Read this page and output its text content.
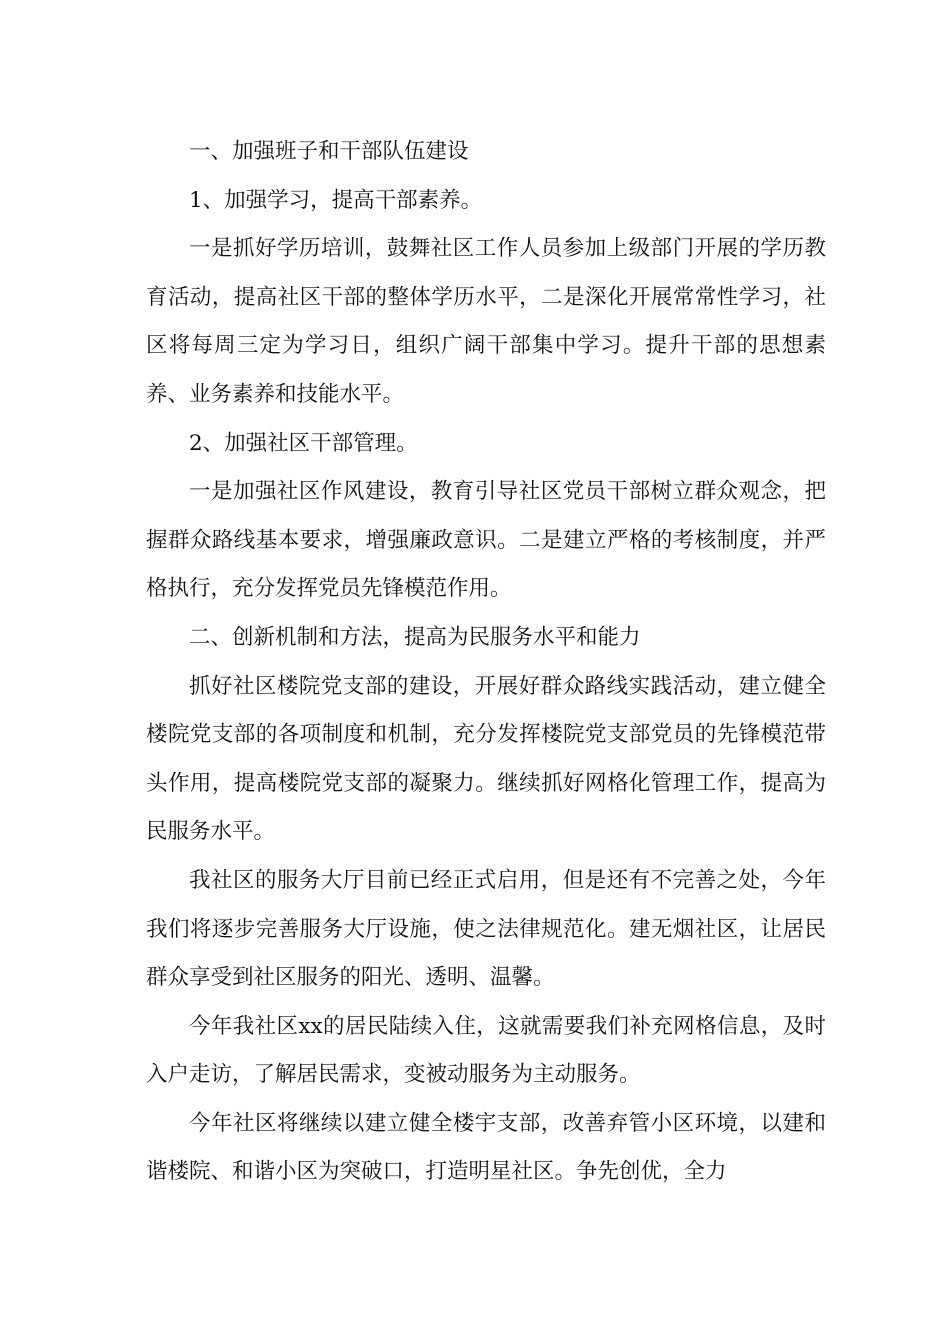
一、加强班子和干部队伍建设

1、加强学习，提高干部素养。

一是抓好学历培训，鼓舞社区工作人员参加上级部门开展的学历教育活动，提高社区干部的整体学历水平，二是深化开展常常性学习，社区将每周三定为学习日，组织广阔干部集中学习。提升干部的思想素养、业务素养和技能水平。

2、加强社区干部管理。

一是加强社区作风建设，教育引导社区党员干部树立群众观念，把握群众路线基本要求，增强廉政意识。二是建立严格的考核制度，并严格执行，充分发挥党员先锋模范作用。

二、创新机制和方法，提高为民服务水平和能力

抓好社区楼院党支部的建设，开展好群众路线实践活动，建立健全楼院党支部的各项制度和机制，充分发挥楼院党支部党员的先锋模范带头作用，提高楼院党支部的凝聚力。继续抓好网格化管理工作，提高为民服务水平。

我社区的服务大厅目前已经正式启用，但是还有不完善之处，今年我们将逐步完善服务大厅设施，使之法律规范化。建无烟社区，让居民群众享受到社区服务的阳光、透明、温馨。

今年我社区xx的居民陆续入住，这就需要我们补充网格信息，及时入户走访，了解居民需求，变被动服务为主动服务。

今年社区将继续以建立健全楼宇支部，改善弃管小区环境，以建和谐楼院、和谐小区为突破口，打造明星社区。争先创优，全力
